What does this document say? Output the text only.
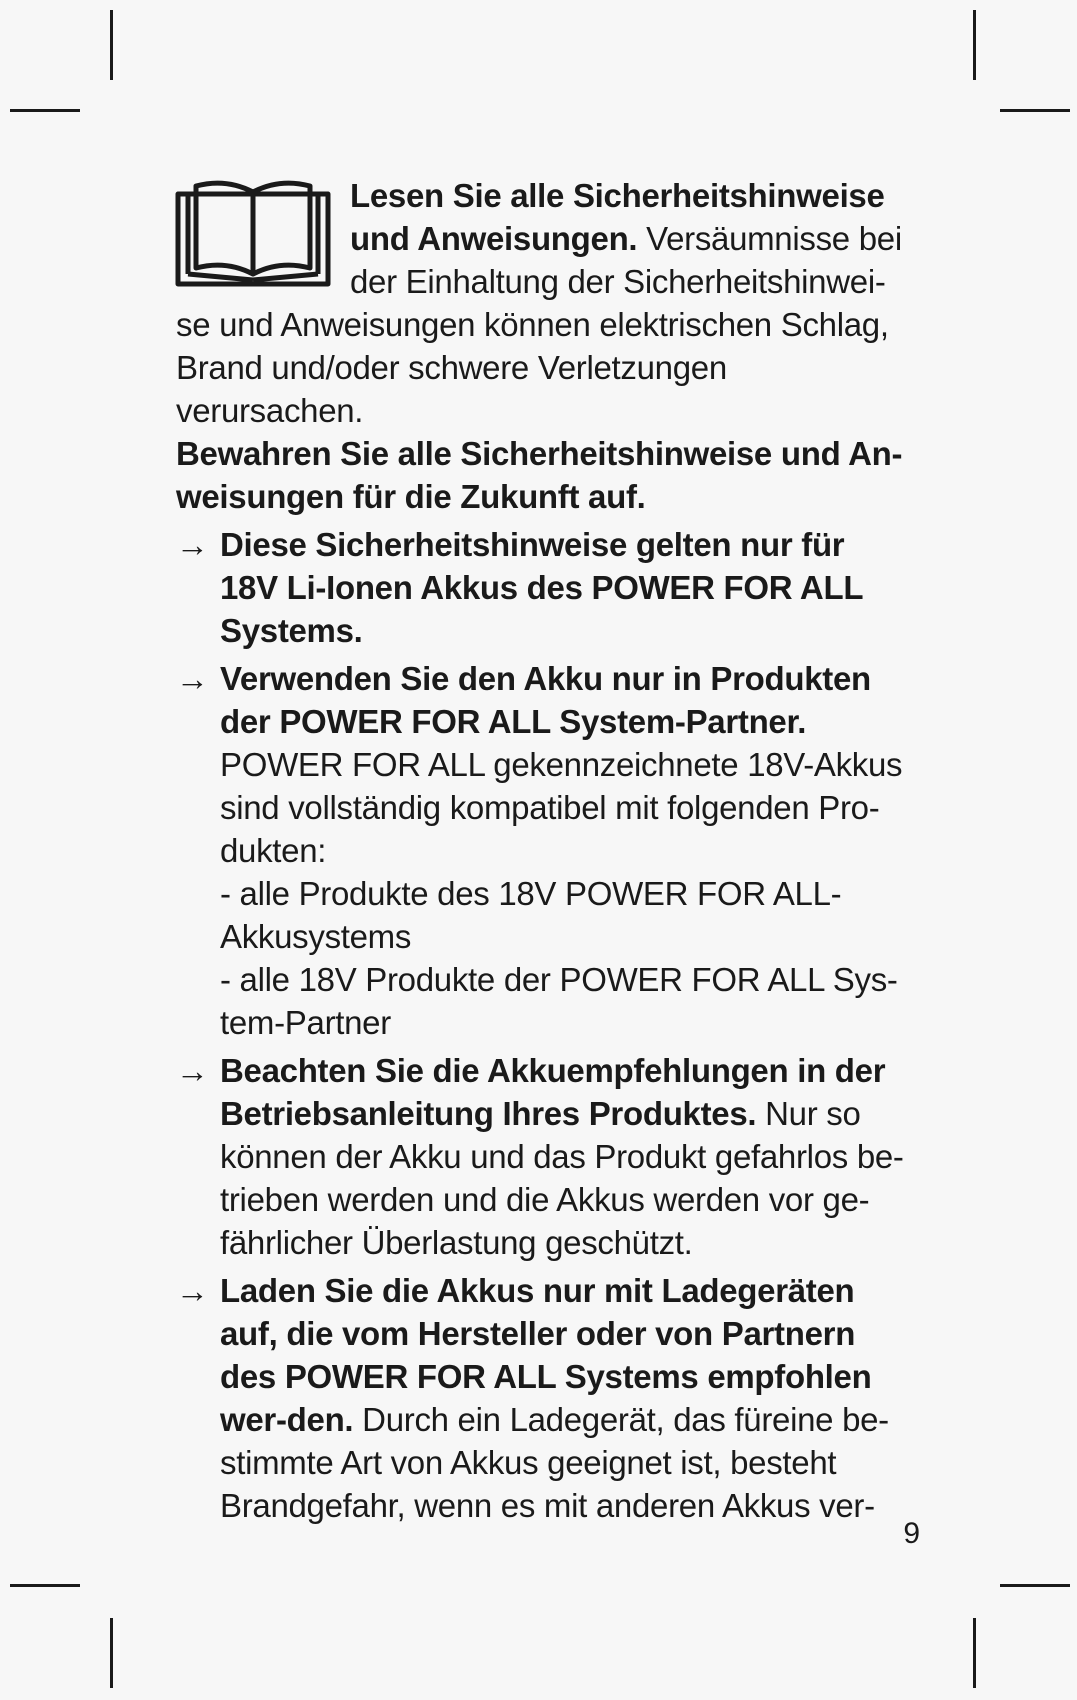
Lesen Sie alle Sicherheitshinweise und Anweisungen. Versäumnisse bei der Einhaltung der Sicherheitshinwei-se und Anweisungen können elektrischen Schlag, Brand und/oder schwere Verletzungen verursachen.

Bewahren Sie alle Sicherheitshinweise und An-weisungen für die Zukunft auf.

→ Diese Sicherheitshinweise gelten nur für 18V Li-Ionen Akkus des POWER FOR ALL Systems.
→ Verwenden Sie den Akku nur in Produkten der POWER FOR ALL System-Partner. POWER FOR ALL gekennzeichnete 18V-Akkus sind vollständig kompatibel mit folgenden Pro-dukten:
- alle Produkte des 18V POWER FOR ALL-Akkusystems
- alle 18V Produkte der POWER FOR ALL Sys-tem-Partner
→ Beachten Sie die Akkuempfehlungen in der Betriebsanleitung Ihres Produktes. Nur so können der Akku und das Produkt gefahrlos be-trieben werden und die Akkus werden vor ge-fährlicher Überlastung geschützt.
→ Laden Sie die Akkus nur mit Ladegeräten auf, die vom Hersteller oder von Partnern des POWER FOR ALL Systems empfohlen wer-den. Durch ein Ladegerät, das füreine be-stimmte Art von Akkus geeignet ist, besteht Brandgefahr, wenn es mit anderen Akkus ver-
9
